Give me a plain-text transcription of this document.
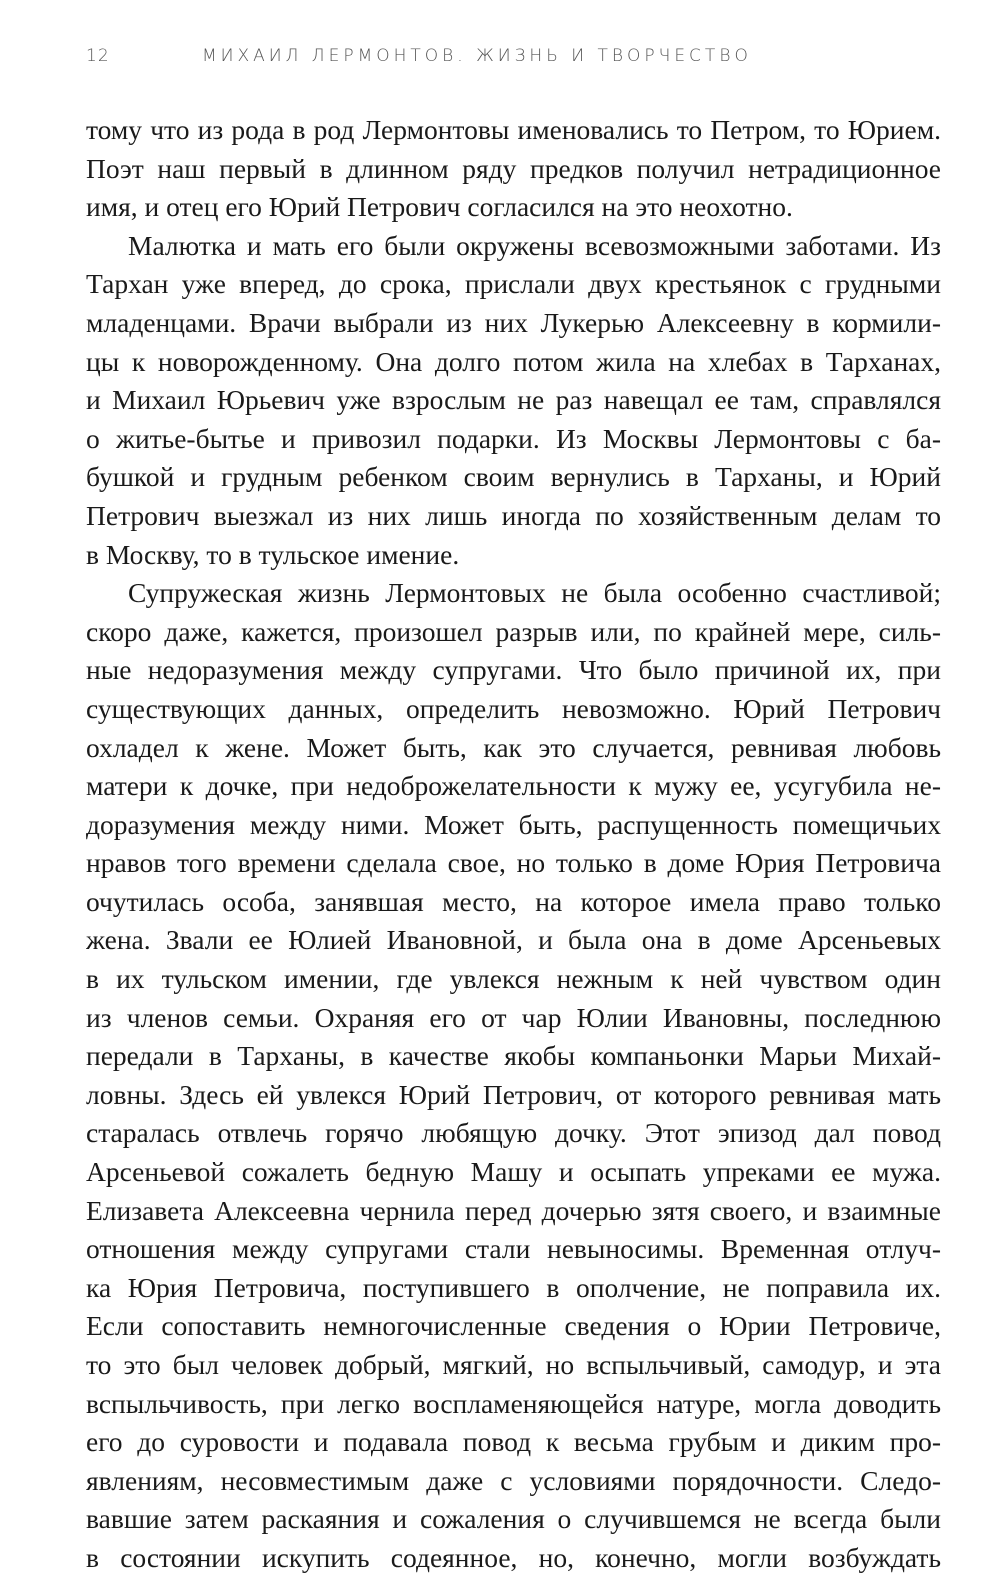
12	МИХАИЛ ЛЕРМОНТОВ. ЖИЗНЬ И ТВОРЧЕСТВО
тому что из рода в род Лермонтовы именовались то Петром, то Юрием.
Поэт наш первый в длинном ряду предков получил нетрадиционное
имя, и отец его Юрий Петрович согласился на это неохотно.
Малютка и мать его были окружены всевозможными заботами. Из
Тархан уже вперед, до срока, прислали двух крестьянок с грудными
младенцами. Врачи выбрали из них Лукерью Алексеевну в кормили-
цы к новорожденному. Она долго потом жила на хлебах в Тарханах,
и Михаил Юрьевич уже взрослым не раз навещал ее там, справлялся
о житье-бытье и привозил подарки. Из Москвы Лермонтовы с ба-
бушкой и грудным ребенком своим вернулись в Тарханы, и Юрий
Петрович выезжал из них лишь иногда по хозяйственным делам то
в Москву, то в тульское имение.
Супружеская жизнь Лермонтовых не была особенно счастливой;
скоро даже, кажется, произошел разрыв или, по крайней мере, силь-
ные недоразумения между супругами. Что было причиной их, при
существующих данных, определить невозможно. Юрий Петрович
охладел к жене. Может быть, как это случается, ревнивая любовь
матери к дочке, при недоброжелательности к мужу ее, усугубила не-
доразумения между ними. Может быть, распущенность помещичьих
нравов того времени сделала свое, но только в доме Юрия Петровича
очутилась особа, занявшая место, на которое имела право только
жена. Звали ее Юлией Ивановной, и была она в доме Арсеньевых
в их тульском имении, где увлекся нежным к ней чувством один
из членов семьи. Охраняя его от чар Юлии Ивановны, последнюю
передали в Тарханы, в качестве якобы компаньонки Марьи Михай-
ловны. Здесь ей увлекся Юрий Петрович, от которого ревнивая мать
старалась отвлечь горячо любящую дочку. Этот эпизод дал повод
Арсеньевой сожалеть бедную Машу и осыпать упреками ее мужа.
Елизавета Алексеевна чернила перед дочерью зятя своего, и взаимные
отношения между супругами стали невыносимы. Временная отлуч-
ка Юрия Петровича, поступившего в ополчение, не поправила их.
Если сопоставить немногочисленные сведения о Юрии Петровиче,
то это был человек добрый, мягкий, но вспыльчивый, самодур, и эта
вспыльчивость, при легко воспламеняющейся натуре, могла доводить
его до суровости и подавала повод к весьма грубым и диким про-
явлениям, несовместимым даже с условиями порядочности. Следо-
вавшие затем раскаяния и сожаления о случившемся не всегда были
в состоянии искупить содеянное, но, конечно, могли возбуждать
